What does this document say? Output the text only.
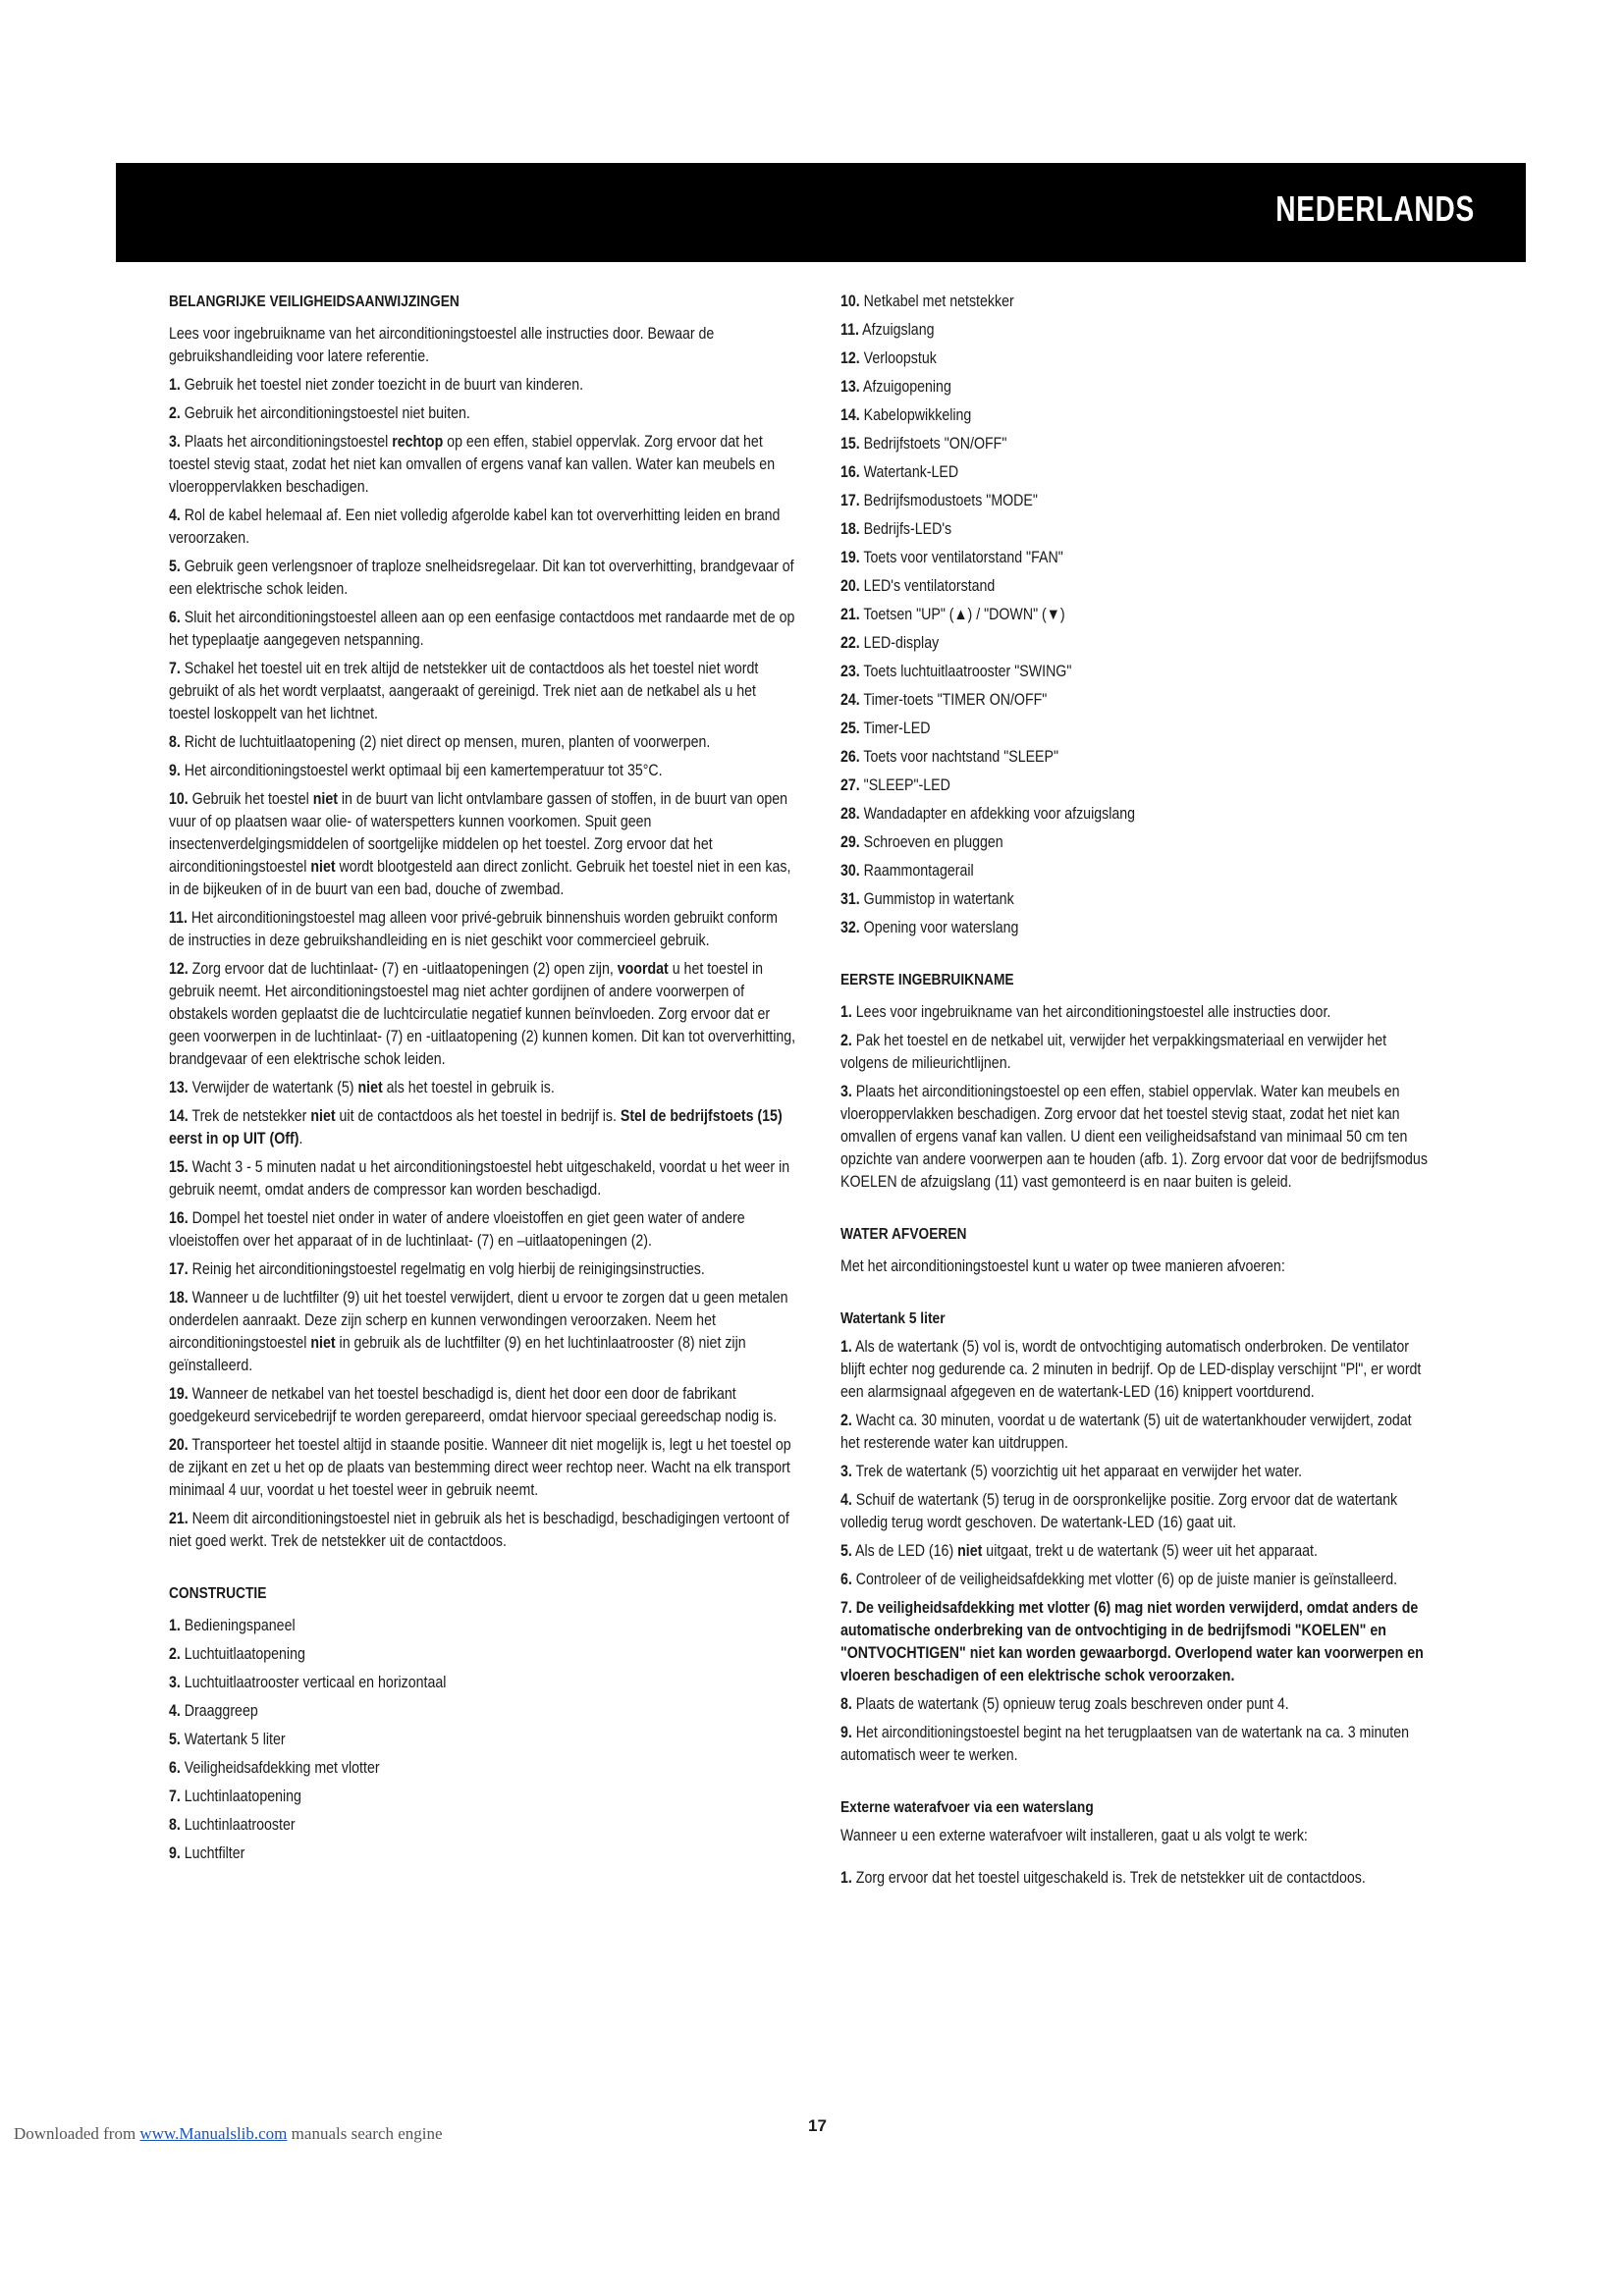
NEDERLANDS
BELANGRIJKE VEILIGHEIDSAANWIJZINGEN

Lees voor ingebruikname van het airconditioningstoestel alle instructies door. Bewaar de gebruikshandleiding voor latere referentie.

1. Gebruik het toestel niet zonder toezicht in de buurt van kinderen.
2. Gebruik het airconditioningstoestel niet buiten.
3. Plaats het airconditioningstoestel rechtop op een effen, stabiel oppervlak. Zorg ervoor dat het toestel stevig staat, zodat het niet kan omvallen of ergens vanaf kan vallen. Water kan meubels en vloeroppervlakken beschadigen.
4. Rol de kabel helemaal af. Een niet volledig afgerolde kabel kan tot oververhitting leiden en brand veroorzaken.
5. Gebruik geen verlengsnoer of traploze snelheidsregelaar. Dit kan tot oververhitting, brandgevaar of een elektrische schok leiden.
6. Sluit het airconditioningstoestel alleen aan op een eenfasige contactdoos met randaarde met de op het typeplaatje aangegeven netspanning.
7. Schakel het toestel uit en trek altijd de netstekker uit de contactdoos als het toestel niet wordt gebruikt of als het wordt verplaatst, aangeraakt of gereinigd. Trek niet aan de netkabel als u het toestel loskoppelt van het lichtnet.
8. Richt de luchtuitlaatopening (2) niet direct op mensen, muren, planten of voorwerpen.
9. Het airconditioningstoestel werkt optimaal bij een kamertemperatuur tot 35°C.
10. Gebruik het toestel niet in de buurt van licht ontvlambare gassen of stoffen, in de buurt van open vuur of op plaatsen waar olie- of waterspetters kunnen voorkomen. Spuit geen insectenverdelgingsmiddelen of soortgelijke middelen op het toestel. Zorg ervoor dat het airconditioningstoestel niet wordt blootgesteld aan direct zonlicht. Gebruik het toestel niet in een kas, in de bijkeuken of in de buurt van een bad, douche of zwembad.
11. Het airconditioningstoestel mag alleen voor privé-gebruik binnenshuis worden gebruikt conform de instructies in deze gebruikshandleiding en is niet geschikt voor commercieel gebruik.
12. Zorg ervoor dat de luchtinlaat- (7) en -uitlaatopeningen (2) open zijn, voordat u het toestel in gebruik neemt. Het airconditioningstoestel mag niet achter gordijnen of andere voorwerpen of obstakels worden geplaatst die de luchtcirculatie negatief kunnen beïnvloeden. Zorg ervoor dat er geen voorwerpen in de luchtinlaat- (7) en -uitlaatopening (2) kunnen komen. Dit kan tot oververhitting, brandgevaar of een elektrische schok leiden.
13. Verwijder de watertank (5) niet als het toestel in gebruik is.
14. Trek de netstekker niet uit de contactdoos als het toestel in bedrijf is. Stel de bedrijfstoets (15) eerst in op UIT (Off).
15. Wacht 3 - 5 minuten nadat u het airconditioningstoestel hebt uitgeschakeld, voordat u het weer in gebruik neemt, omdat anders de compressor kan worden beschadigd.
16. Dompel het toestel niet onder in water of andere vloeistoffen en giet geen water of andere vloeistoffen over het apparaat of in de luchtinlaat- (7) en –uitlaatopeningen (2).
17. Reinig het airconditioningstoestel regelmatig en volg hierbij de reinigingsinstructies.
18. Wanneer u de luchtfilter (9) uit het toestel verwijdert, dient u ervoor te zorgen dat u geen metalen onderdelen aanraakt. Deze zijn scherp en kunnen verwondingen veroorzaken. Neem het airconditioningstoestel niet in gebruik als de luchtfilter (9) en het luchtinlaatrooster (8) niet zijn geïnstalleerd.
19. Wanneer de netkabel van het toestel beschadigd is, dient het door een door de fabrikant goedgekeurd servicebedrijf te worden gerepareerd, omdat hiervoor speciaal gereedschap nodig is.
20. Transporteer het toestel altijd in staande positie. Wanneer dit niet mogelijk is, legt u het toestel op de zijkant en zet u het op de plaats van bestemming direct weer rechtop neer. Wacht na elk transport minimaal 4 uur, voordat u het toestel weer in gebruik neemt.
21. Neem dit airconditioningstoestel niet in gebruik als het is beschadigd, beschadigingen vertoont of niet goed werkt. Trek de netstekker uit de contactdoos.
CONSTRUCTIE
1. Bedieningspaneel
2. Luchtuitlaatopening
3. Luchtuitlaatrooster verticaal en horizontaal
4. Draaggreep
5. Watertank 5 liter
6. Veiligheidsafdekking met vlotter
7. Luchtinlaatopening
8. Luchtinlaatrooster
9. Luchtfilter
10. Netkabel met netstekker
11. Afzuigslang
12. Verloopstuk
13. Afzuigopening
14. Kabelopwikkeling
15. Bedrijfstoets "ON/OFF"
16. Watertank-LED
17. Bedrijfsmodustoets "MODE"
18. Bedrijfs-LED's
19. Toets voor ventilatorstand "FAN"
20. LED's ventilatorstand
21. Toetsen "UP" (▲) / "DOWN" (▼)
22. LED-display
23. Toets luchtuitlaatrooster "SWING"
24. Timer-toets "TIMER ON/OFF"
25. Timer-LED
26. Toets voor nachtstand "SLEEP"
27. "SLEEP"-LED
28. Wandadapter en afdekking voor afzuigslang
29. Schroeven en pluggen
30. Raammontagerail
31. Gummistop in watertank
32. Opening voor waterslang
EERSTE INGEBRUIKNAME
1. Lees voor ingebruikname van het airconditioningstoestel alle instructies door.
2. Pak het toestel en de netkabel uit, verwijder het verpakkingsmateriaal en verwijder het volgens de milieurichtlijnen.
3. Plaats het airconditioningstoestel op een effen, stabiel oppervlak. Water kan meubels en vloeroppervlakken beschadigen. Zorg ervoor dat het toestel stevig staat, zodat het niet kan omvallen of ergens vanaf kan vallen. U dient een veiligheidsafstand van minimaal 50 cm ten opzichte van andere voorwerpen aan te houden (afb. 1). Zorg ervoor dat voor de bedrijfsmodus KOELEN de afzuigslang (11) vast gemonteerd is en naar buiten is geleid.
WATER AFVOEREN

Met het airconditioningstoestel kunt u water op twee manieren afvoeren:

Watertank 5 liter
1. Als de watertank (5) vol is, wordt de ontvochtiging automatisch onderbroken. De ventilator blijft echter nog gedurende ca. 2 minuten in bedrijf. Op de LED-display verschijnt "Pl", er wordt een alarmsignaal afgegeven en de watertank-LED (16) knippert voortdurend.
2. Wacht ca. 30 minuten, voordat u de watertank (5) uit de watertankhouder verwijdert, zodat het resterende water kan uitdruppen.
3. Trek de watertank (5) voorzichtig uit het apparaat en verwijder het water.
4. Schuif de watertank (5) terug in de oorspronkelijke positie. Zorg ervoor dat de watertank volledig terug wordt geschoven. De watertank-LED (16) gaat uit.
5. Als de LED (16) niet uitgaat, trekt u de watertank (5) weer uit het apparaat.
6. Controleer of de veiligheidsafdekking met vlotter (6) op de juiste manier is geïnstalleerd.
7. De veiligheidsafdekking met vlotter (6) mag niet worden verwijderd, omdat anders de automatische onderbreking van de ontvochtiging in de bedrijfsmodi "KOELEN" en "ONTVOCHTIGEN" niet kan worden gewaarborgd. Overlopend water kan voorwerpen en vloeren beschadigen of een elektrische schok veroorzaken.
8. Plaats de watertank (5) opnieuw terug zoals beschreven onder punt 4.
9. Het airconditioningstoestel begint na het terugplaatsen van de watertank na ca. 3 minuten automatisch weer te werken.
Externe waterafvoer via een waterslang

Wanneer u een externe waterafvoer wilt installeren, gaat u als volgt te werk:

1. Zorg ervoor dat het toestel uitgeschakeld is. Trek de netstekker uit de contactdoos.
17
Downloaded from www.Manualslib.com manuals search engine
